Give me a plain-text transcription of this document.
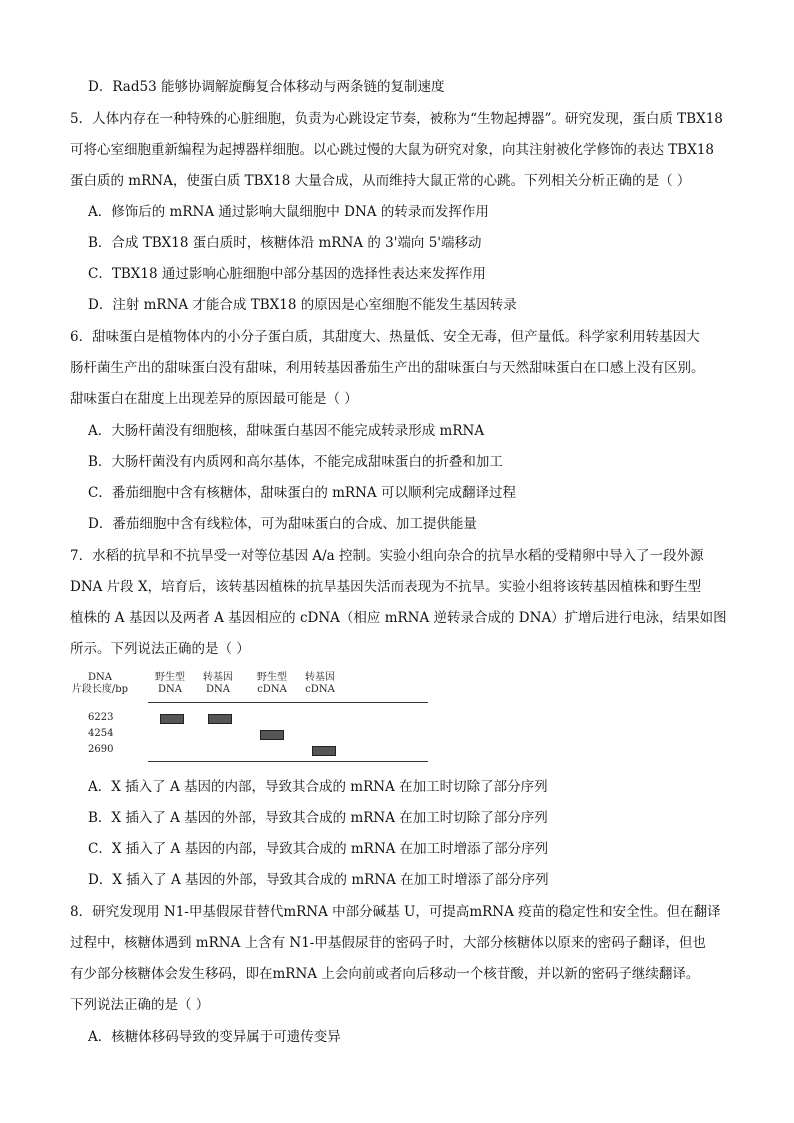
D．Rad53 能够协调解旋酶复合体移动与两条链的复制速度
5．人体内存在一种特殊的心脏细胞，负责为心跳设定节奏，被称为“生物起搏器”。研究发现，蛋白质 TBX18
可将心室细胞重新编程为起搏器样细胞。以心跳过慢的大鼠为研究对象，向其注射被化学修饰的表达 TBX18
蛋白质的 mRNA，使蛋白质 TBX18 大量合成，从而维持大鼠正常的心跳。下列相关分析正确的是（ ）
A．修饰后的 mRNA 通过影响大鼠细胞中 DNA 的转录而发挥作用
B．合成 TBX18 蛋白质时，核糖体沿 mRNA 的 3'端向 5'端移动
C．TBX18 通过影响心脏细胞中部分基因的选择性表达来发挥作用
D．注射 mRNA 才能合成 TBX18 的原因是心室细胞不能发生基因转录
6．甜味蛋白是植物体内的小分子蛋白质，其甜度大、热量低、安全无毒，但产量低。科学家利用转基因大
肠杆菌生产出的甜味蛋白没有甜味，利用转基因番茄生产出的甜味蛋白与天然甜味蛋白在口感上没有区别。
甜味蛋白在甜度上出现差异的原因最可能是（ ）
A．大肠杆菌没有细胞核，甜味蛋白基因不能完成转录形成 mRNA
B．大肠杆菌没有内质网和高尔基体，不能完成甜味蛋白的折叠和加工
C．番茄细胞中含有核糖体，甜味蛋白的 mRNA 可以顺利完成翻译过程
D．番茄细胞中含有线粒体，可为甜味蛋白的合成、加工提供能量
7．水稻的抗旱和不抗旱受一对等位基因 A/a 控制。实验小组向杂合的抗旱水稻的受精卵中导入了一段外源
DNA 片段 X，培育后，该转基因植株的抗旱基因失活而表现为不抗旱。实验小组将该转基因植株和野生型
植株的 A 基因以及两者 A 基因相应的 cDNA（相应 mRNA 逆转录合成的 DNA）扩增后进行电泳，结果如图
所示。下列说法正确的是（ ）
DNA
片段长度/bp
野生型
DNA
转基因
DNA
野生型
cDNA
转基因
cDNA
6223
4254
2690
A．X 插入了 A 基因的内部，导致其合成的 mRNA 在加工时切除了部分序列
B．X 插入了 A 基因的外部，导致其合成的 mRNA 在加工时切除了部分序列
C．X 插入了 A 基因的内部，导致其合成的 mRNA 在加工时增添了部分序列
D．X 插入了 A 基因的外部，导致其合成的 mRNA 在加工时增添了部分序列
8．研究发现用 N1-甲基假尿苷替代mRNA 中部分碱基 U，可提高mRNA 疫苗的稳定性和安全性。但在翻译
过程中，核糖体遇到 mRNA 上含有 N1-甲基假尿苷的密码子时，大部分核糖体以原来的密码子翻译，但也
有少部分核糖体会发生移码，即在mRNA 上会向前或者向后移动一个核苷酸，并以新的密码子继续翻译。
下列说法正确的是（ ）
A．核糖体移码导致的变异属于可遗传变异
